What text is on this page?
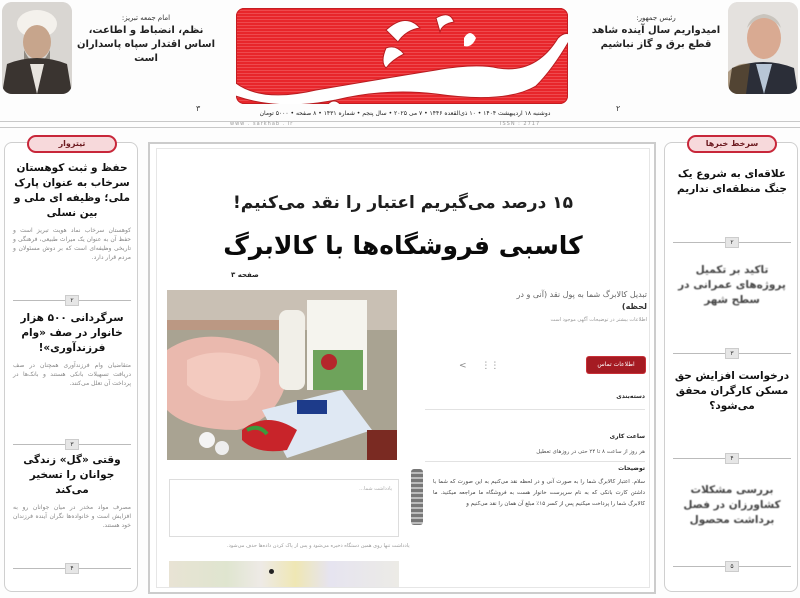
امام جمعه تبریز:
نظم، انضباط و اطاعت، اساس اقتدار سپاه پاسداران است
۳
دوشنبه ۱۸ اردیبهشت ۱۴۰۴ • ۱۰ ذی‌القعده ۱۴۴۶ • ۷ می ۲۰۲۵ • سال پنجم • شماره ۱۴۳۱ • ۸ صفحه • ۵۰۰۰ تومان
رئیس جمهور:
امیدواریم سال آینده شاهد قطع برق و گاز نباشیم
۲
www . sarkhab . ir	ISSN : 2717
تیتروار
حفظ و ثبت کوهستان سرخاب به عنوان پارک ملی؛ وظیفه ای ملی و بین نسلی
کوهستان سرخاب نماد هویت تبریز است و حفظ آن به عنوان یک میراث طبیعی، فرهنگی و تاریخی وظیفه‌ای است که بر دوش مسئولان و مردم قرار دارد.
۲
سرگردانی ۵۰۰ هزار خانوار در صف «وام فرزندآوری»!
متقاضیان وام فرزندآوری همچنان در صف دریافت تسهیلات بانکی هستند و بانک‌ها در پرداخت آن تعلل می‌کنند.
۳
وقتی «گل» زندگی جوانان را تسخیر می‌کند
مصرف مواد مخدر در میان جوانان رو به افزایش است و خانواده‌ها نگران آینده فرزندان خود هستند.
۴
۱۵ درصد می‌گیریم اعتبار را نقد می‌کنیم!
کاسبی فروشگاه‌ها با کالابرگ
صفحه ۳
یادداشت شما...
یادداشت تنها روی همین دستگاه ذخیره می‌شود و پس از پاک کردن داده‌ها حذف می‌شود.
تبدیل کالابرگ شما به پول نقد (آنی و در
لحظه)
اطلاعات بیشتر در توضیحات آگهی موجود است
اطلاعات تماس
< ⋮⋮
دسته‌بندی
ساعت کاری
هر روز از ساعت ۸ تا ۲۴ حتی در روزهای تعطیل
توضیحات
سلام. اعتبار کالابرگ شما را به صورت آنی و در لحظه نقد می‌کنیم به این صورت که شما با داشتن کارت بانکی که به نام سرپرست خانوار هست به فروشگاه ما مراجعه میکنید. ما کالابرگ شما را پرداخت میکنیم پس از کسر ۱۵٪ مبلغ آن همان را نقد می‌کنیم و
سرخط خبرها
علاقه‌ای به شروع یک جنگ منطقه‌ای نداریم
۲
تاکید بر تکمیل پروژه‌های عمرانی در سطح شهر
۳
درخواست افزایش حق مسکن کارگران محقق می‌شود؟
۴
بررسی مشکلات کشاورزان در فصل برداشت محصول
۵
